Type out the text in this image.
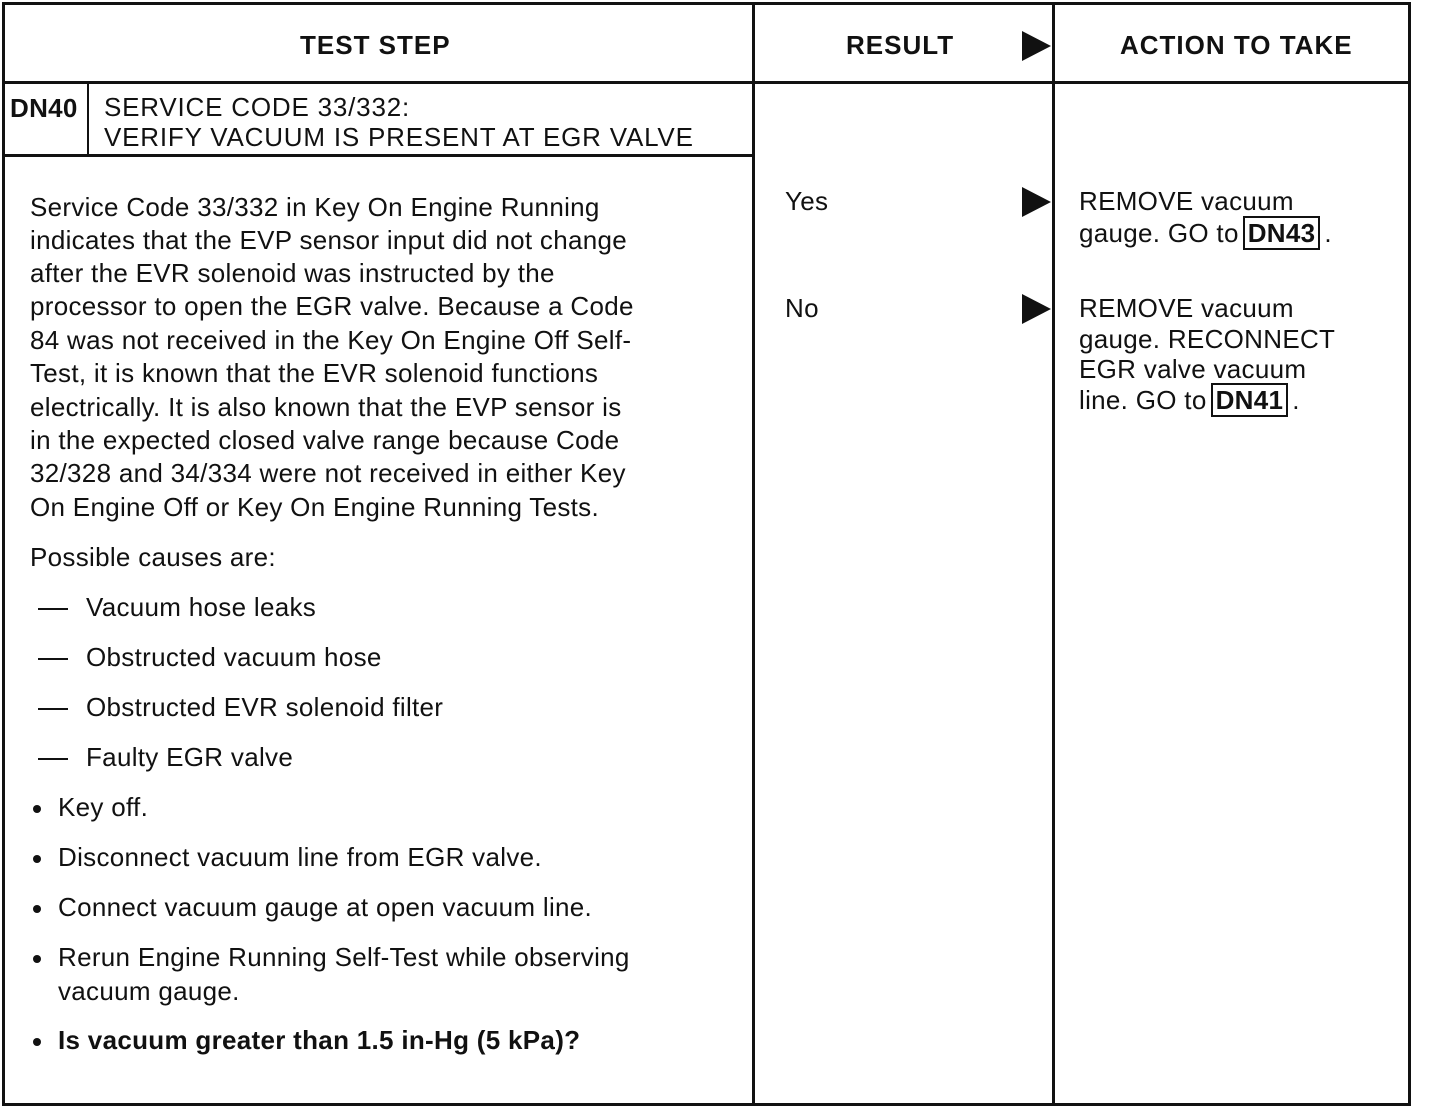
TEST STEP	RESULT	ACTION TO TAKE
DN40 SERVICE CODE 33/332:
VERIFY VACUUM IS PRESENT AT EGR VALVE
Service Code 33/332 in Key On Engine Running
indicates that the EVP sensor input did not change
after the EVR solenoid was instructed by the
processor to open the EGR valve. Because a Code
84 was not received in the Key On Engine Off Self-
Test, it is known that the EVR solenoid functions
electrically. It is also known that the EVP sensor is
in the expected closed valve range because Code
32/328 and 34/334 were not received in either Key
On Engine Off or Key On Engine Running Tests.
Possible causes are:
Vacuum hose leaks
Obstructed vacuum hose
Obstructed EVR solenoid filter
Faulty EGR valve
Key off.
Disconnect vacuum line from EGR valve.
Connect vacuum gauge at open vacuum line.
Rerun Engine Running Self-Test while observing
vacuum gauge.
Is vacuum greater than 1.5 in-Hg (5 kPa)?
Yes
No
REMOVE vacuum
gauge. GO to DN43 .
REMOVE vacuum
gauge. RECONNECT
EGR valve vacuum
line. GO to DN41 .
